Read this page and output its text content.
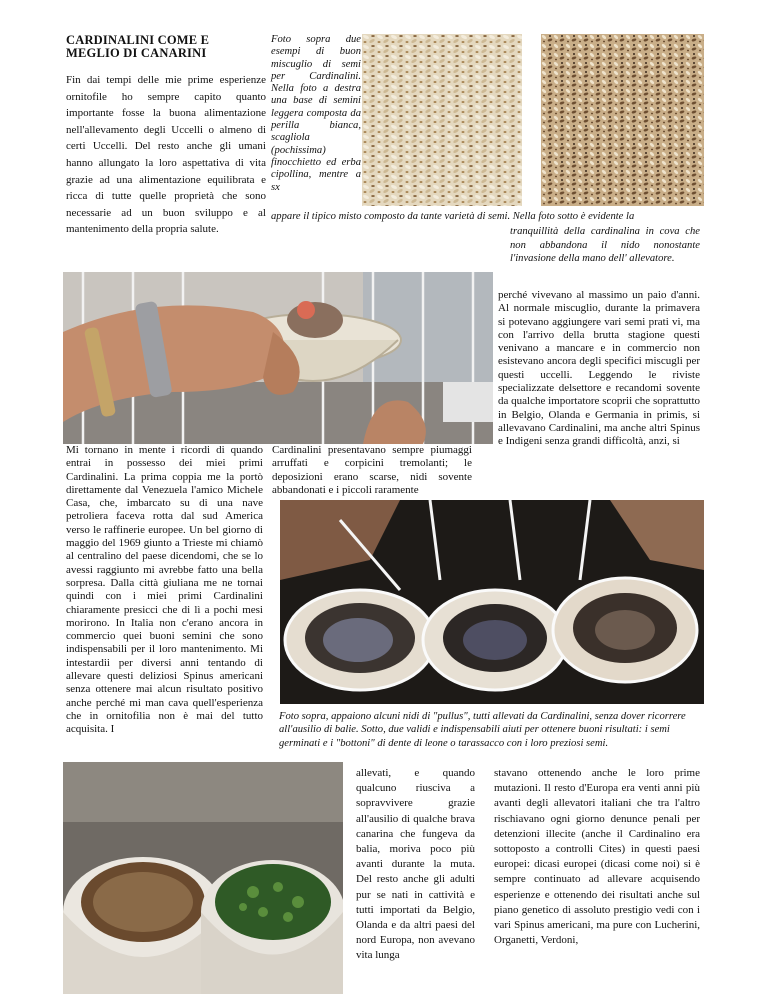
CARDINALINI COME E MEGLIO DI CANARINI
Fin dai tempi delle mie prime esperienze ornitofile ho sempre capito quanto importante fosse la buona alimentazione nell'allevamento degli Uccelli o almeno di certi Uccelli. Del resto anche gli umani hanno allungato la loro aspettativa di vita grazie ad una alimentazione equilibrata e ricca di tutte quelle proprietà che sono necessarie ad un buon sviluppo e al mantenimento della propria salute.
Foto sopra due esempi di buon miscuglio di semi per Cardinalini. Nella foto a destra una base di semini leggera composta da perilla bianca, scagliola (pochissima) finocchietto ed erba cipollina, mentre a sx
appare il tipico misto composto da tante varietà di semi. Nella foto sotto è evidente la
tranquillità della cardinalina in cova che non abbandona il nido nonostante l'invasione della mano dell' allevatore.
perché vivevano al massimo un paio d'anni. Al normale miscuglio, durante la primavera si potevano aggiungere vari semi prati vi, ma con l'arrivo della brutta stagione questi venivano a mancare e in commercio non esistevano ancora degli specifici miscugli per questi uccelli. Leggendo le riviste specializzate delsettore e recandomi sovente da qualche importatore scoprii che soprattutto in Belgio, Olanda e Germania in primis, si allevavano Cardinalini, ma anche altri Spinus e Indigeni senza grandi difficoltà, anzi, si
Mi tornano in mente i ricordi di quando entrai in possesso dei miei primi Cardinalini. La prima coppia me la portò direttamente dal Venezuela l'amico Michele Casa, che, imbarcato su di una nave petroliera faceva rotta dal sud America verso le raffinerie europee. Un bel giorno di maggio del 1969 giunto a Trieste mi chiamò al centralino del paese dicendomi, che se lo avessi raggiunto mi avrebbe fatto una bella sorpresa. Dalla città giuliana me ne tornai quindi con i miei primi Cardinalini chiaramente presicci che di lì a pochi mesi morirono. In Italia non c'erano ancora in commercio quei buoni semini che sono indispensabili per il loro mantenimento. Mi intestardii per diversi anni tentando di allevare questi deliziosi Spinus americani senza ottenere mai alcun risultato positivo anche perché mi man cava quell'esperienza che in ornitofilia non è mai del tutto acquisita. I
Cardinalini presentavano sempre piumaggi arruffati e corpicini tremolanti; le deposizioni erano scarse, nidi sovente abbandonati e i piccoli raramente
Foto sopra, appaiono alcuni nidi di "pullus", tutti allevati da Cardinalini, senza dover ricorrere all'ausilio di balie. Sotto, due validi e indispensabili aiuti per ottenere buoni risultati: i semi germinati e i "bottoni" di dente di leone o tarassacco con i loro preziosi semi.
allevati, e quando qualcuno riusciva a sopravvivere grazie all'ausilio di qualche brava canarina che fungeva da balia, moriva poco più avanti durante la muta. Del resto anche gli adulti pur se nati in cattività e tutti importati da Belgio, Olanda e da altri paesi del nord Europa, non avevano vita lunga
stavano ottenendo anche le loro prime mutazioni. Il resto d'Europa era venti anni più avanti degli allevatori italiani che tra l'altro rischiavano ogni giorno denunce penali per detenzioni illecite (anche il Cardinalino era sottoposto a controlli Cites) in questi paesi europei: dicasi europei (dicasi come noi) si è sempre continuato ad allevare acquisendo esperienze e ottenendo dei risultati anche sul piano genetico di assoluto prestigio vedi con i vari Spinus americani, ma pure con Lucherini, Organetti, Verdoni,
